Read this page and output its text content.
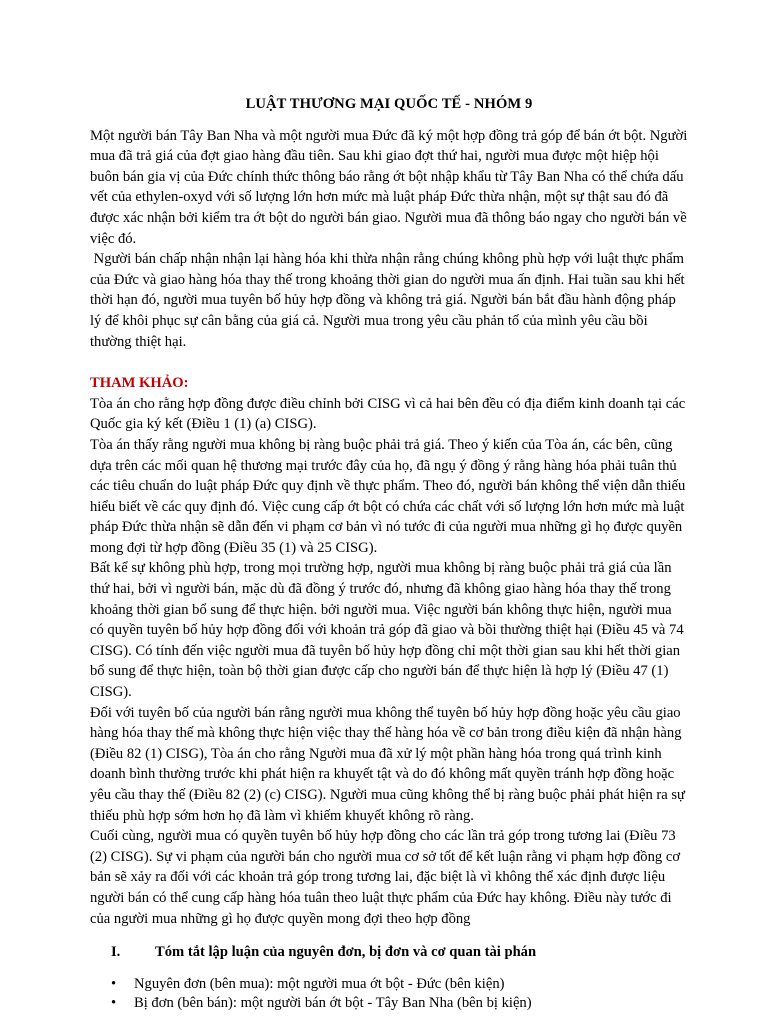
LUẬT THƯƠNG MẠI QUỐC TẾ - NHÓM 9

Một người bán Tây Ban Nha và một người mua Đức đã ký một hợp đồng trả góp để bán ớt bột. Người mua đã trả giá của đợt giao hàng đầu tiên. Sau khi giao đợt thứ hai, người mua được một hiệp hội buôn bán gia vị của Đức chính thức thông báo rằng ớt bột nhập khẩu từ Tây Ban Nha có thể chứa dấu vết của ethylen-oxyd với số lượng lớn hơn mức mà luật pháp Đức thừa nhận, một sự thật sau đó đã được xác nhận bởi kiểm tra ớt bột do người bán giao. Người mua đã thông báo ngay cho người bán về việc đó.

Người bán chấp nhận nhận lại hàng hóa khi thừa nhận rằng chúng không phù hợp với luật thực phẩm của Đức và giao hàng hóa thay thế trong khoảng thời gian do người mua ấn định. Hai tuần sau khi hết thời hạn đó, người mua tuyên bố hủy hợp đồng và không trả giá. Người bán bắt đầu hành động pháp lý để khôi phục sự cân bằng của giá cả. Người mua trong yêu cầu phản tố của mình yêu cầu bồi thường thiệt hại.

THAM KHẢO:

Tòa án cho rằng hợp đồng được điều chỉnh bởi CISG vì cả hai bên đều có địa điểm kinh doanh tại các Quốc gia ký kết (Điều 1 (1) (a) CISG).

Tòa án thấy rằng người mua không bị ràng buộc phải trả giá. Theo ý kiến của Tòa án, các bên, cũng dựa trên các mối quan hệ thương mại trước đây của họ, đã ngụ ý đồng ý rằng hàng hóa phải tuân thủ các tiêu chuẩn do luật pháp Đức quy định về thực phẩm. Theo đó, người bán không thể viện dẫn thiếu hiểu biết về các quy định đó. Việc cung cấp ớt bột có chứa các chất với số lượng lớn hơn mức mà luật pháp Đức thừa nhận sẽ dẫn đến vi phạm cơ bản vì nó tước đi của người mua những gì họ được quyền mong đợi từ hợp đồng (Điều 35 (1) và 25 CISG).

Bất kể sự không phù hợp, trong mọi trường hợp, người mua không bị ràng buộc phải trả giá của lần thứ hai, bởi vì người bán, mặc dù đã đồng ý trước đó, nhưng đã không giao hàng hóa thay thế trong khoảng thời gian bổ sung để thực hiện. bởi người mua. Việc người bán không thực hiện, người mua có quyền tuyên bố hủy hợp đồng đối với khoản trả góp đã giao và bồi thường thiệt hại (Điều 45 và 74 CISG). Có tính đến việc người mua đã tuyên bố hủy hợp đồng chỉ một thời gian sau khi hết thời gian bổ sung để thực hiện, toàn bộ thời gian được cấp cho người bán để thực hiện là hợp lý (Điều 47 (1) CISG).

Đối với tuyên bố của người bán rằng người mua không thể tuyên bố hủy hợp đồng hoặc yêu cầu giao hàng hóa thay thế mà không thực hiện việc thay thế hàng hóa về cơ bản trong điều kiện đã nhận hàng (Điều 82 (1) CISG), Tòa án cho rằng Người mua đã xử lý một phần hàng hóa trong quá trình kinh doanh bình thường trước khi phát hiện ra khuyết tật và do đó không mất quyền tránh hợp đồng hoặc yêu cầu thay thế (Điều 82 (2) (c) CISG). Người mua cũng không thể bị ràng buộc phải phát hiện ra sự thiếu phù hợp sớm hơn họ đã làm vì khiếm khuyết không rõ ràng.

Cuối cùng, người mua có quyền tuyên bố hủy hợp đồng cho các lần trả góp trong tương lai (Điều 73 (2) CISG). Sự vi phạm của người bán cho người mua cơ sở tốt để kết luận rằng vi phạm hợp đồng cơ bản sẽ xảy ra đối với các khoản trả góp trong tương lai, đặc biệt là vì không thể xác định được liệu người bán có thể cung cấp hàng hóa tuân theo luật thực phẩm của Đức hay không. Điều này tước đi của người mua những gì họ được quyền mong đợi theo hợp đồng

I.	Tóm tắt lập luận của nguyên đơn, bị đơn và cơ quan tài phán
• Nguyên đơn (bên mua): một người mua ớt bột - Đức (bên kiện)
• Bị đơn (bên bán): một người bán ớt bột - Tây Ban Nha (bên bị kiện)
